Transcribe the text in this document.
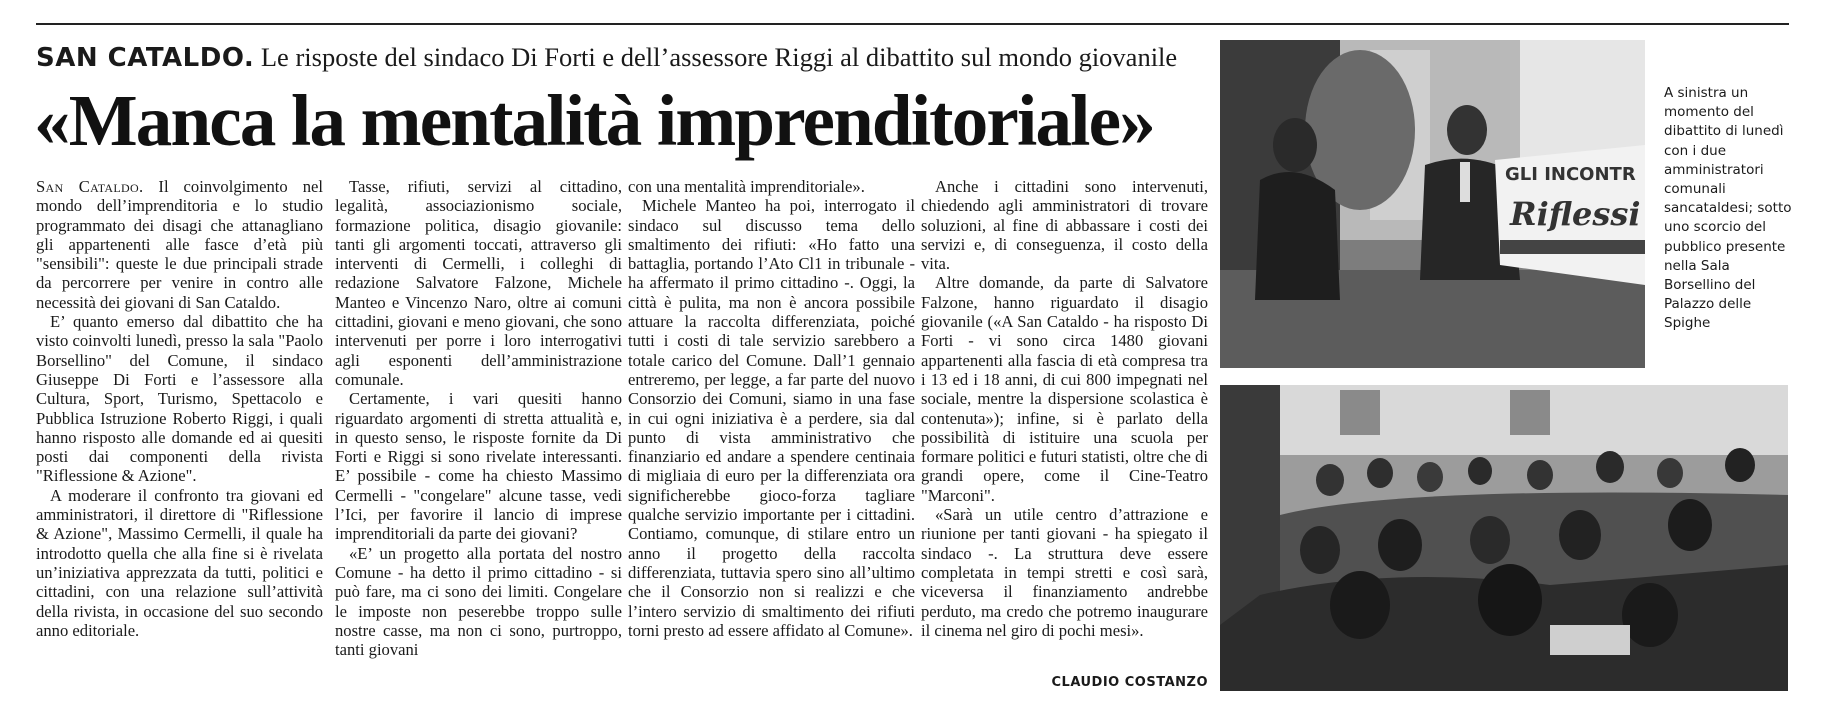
SAN CATALDO. Le risposte del sindaco Di Forti e dell’assessore Riggi al dibattito sul mondo giovanile
«Manca la mentalità imprenditoriale»

San Cataldo. Il coinvolgimento nel mondo dell’imprenditoria e lo studio programmato dei disagi che attanagliano gli appartenenti alle fasce d’età più "sensibili": queste le due principali strade da percorrere per venire in contro alle necessità dei giovani di San Cataldo.

E’ quanto emerso dal dibattito che ha visto coinvolti lunedì, presso la sala "Paolo Borsellino" del Comune, il sindaco Giuseppe Di Forti e l’assessore alla Cultura, Sport, Turismo, Spettacolo e Pubblica Istruzione Roberto Riggi, i quali hanno risposto alle domande ed ai quesiti posti dai componenti della rivista "Riflessione & Azione".

A moderare il confronto tra giovani ed amministratori, il direttore di "Riflessione & Azione", Massimo Cermelli, il quale ha introdotto quella che alla fine si è rivelata un’iniziativa apprezzata da tutti, politici e cittadini, con una relazione sull’attività della rivista, in occasione del suo secondo anno editoriale.

Tasse, rifiuti, servizi al cittadino, legalità, associazionismo sociale, formazione politica, disagio giovanile: tanti gli argomenti toccati, attraverso gli interventi di Cermelli, i colleghi di redazione Salvatore Falzone, Michele Manteo e Vincenzo Naro, oltre ai comuni cittadini, giovani e meno giovani, che sono intervenuti per porre i loro interrogativi agli esponenti dell’amministrazione comunale.

Certamente, i vari quesiti hanno riguardato argomenti di stretta attualità e, in questo senso, le risposte fornite da Di Forti e Riggi si sono rivelate interessanti. E’ possibile - come ha chiesto Massimo Cermelli - "congelare" alcune tasse, vedi l’Ici, per favorire il lancio di imprese imprenditoriali da parte dei giovani?

«E’ un progetto alla portata del nostro Comune - ha detto il primo cittadino - si può fare, ma ci sono dei limiti. Congelare le imposte non peserebbe troppo sulle nostre casse, ma non ci sono, purtroppo, tanti giovani

con una mentalità imprenditoriale».

Michele Manteo ha poi, interrogato il sindaco sul discusso tema dello smaltimento dei rifiuti: «Ho fatto una battaglia, portando l’Ato Cl1 in tribunale - ha affermato il primo cittadino -. Oggi, la città è pulita, ma non è ancora possibile attuare la raccolta differenziata, poiché tutti i costi di tale servizio sarebbero a totale carico del Comune. Dall’1 gennaio entreremo, per legge, a far parte del nuovo Consorzio dei Comuni, siamo in una fase in cui ogni iniziativa è a perdere, sia dal punto di vista amministrativo che finanziario ed andare a spendere centinaia di migliaia di euro per la differenziata ora significherebbe gioco-forza tagliare qualche servizio importante per i cittadini. Contiamo, comunque, di stilare entro un anno il progetto della raccolta differenziata, tuttavia spero sino all’ultimo che il Consorzio non si realizzi e che l’intero servizio di smaltimento dei rifiuti torni presto ad essere affidato al Comune».

Anche i cittadini sono intervenuti, chiedendo agli amministratori di trovare soluzioni, al fine di abbassare i costi dei servizi e, di conseguenza, il costo della vita.

Altre domande, da parte di Salvatore Falzone, hanno riguardato il disagio giovanile («A San Cataldo - ha risposto Di Forti - vi sono circa 1480 giovani appartenenti alla fascia di età compresa tra i 13 ed i 18 anni, di cui 800 impegnati nel sociale, mentre la dispersione scolastica è contenuta»); infine, si è parlato della possibilità di istituire una scuola per formare politici e futuri statisti, oltre che di grandi opere, come il Cine-Teatro "Marconi".

«Sarà un utile centro d’attrazione e riunione per tanti giovani - ha spiegato il sindaco -. La struttura deve essere completata in tempi stretti e così sarà, viceversa il finanziamento andrebbe perduto, ma credo che potremo inaugurare il cinema nel giro di pochi mesi».

CLAUDIO COSTANZO
GLI INCONTR
Riflessi
A sinistra un momento del dibattito di lunedì con i due amministratori comunali sancataldesi; sotto uno scorcio del pubblico presente nella Sala Borsellino del Palazzo delle Spighe
